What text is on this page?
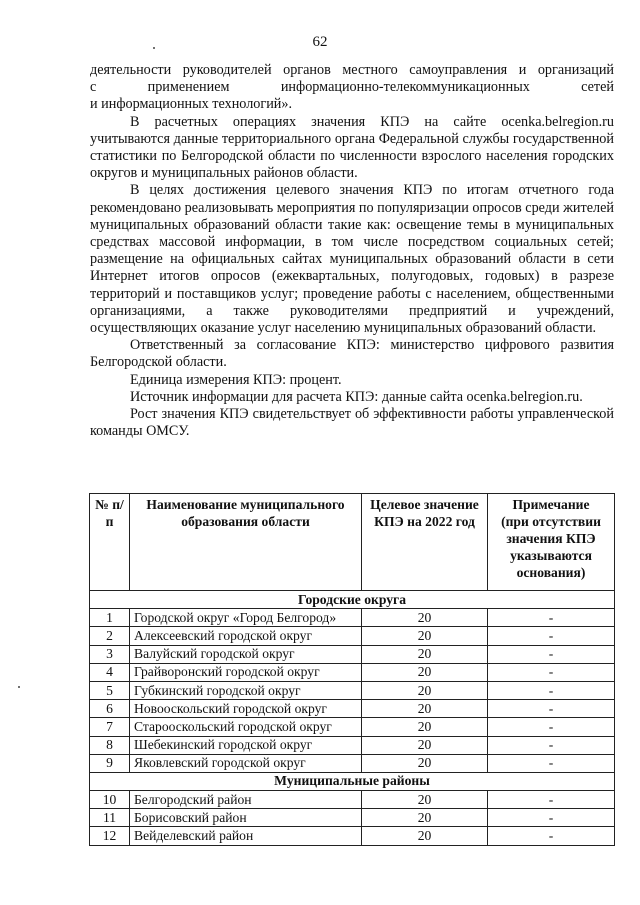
62

деятельности руководителей органов местного самоуправления и организаций

с применением информационно-телекоммуникационных сетей

и информационных технологий».

В расчетных операциях значения КПЭ на сайте ocenka.belregion.ru учитываются данные территориального органа Федеральной службы государственной статистики по Белгородской области по численности взрослого населения городских округов и муниципальных районов области.

В целях достижения целевого значения КПЭ по итогам отчетного года рекомендовано реализовывать мероприятия по популяризации опросов среди жителей муниципальных образований области такие как: освещение темы в муниципальных средствах массовой информации, в том числе посредством социальных сетей; размещение на официальных сайтах муниципальных образований области в сети Интернет итогов опросов (ежеквартальных, полугодовых, годовых) в разрезе территорий и поставщиков услуг; проведение работы с населением, общественными организациями, а также руководителями предприятий и учреждений, осуществляющих оказание услуг населению муниципальных образований области.

Ответственный за согласование КПЭ: министерство цифрового развития Белгородской области.

Единица измерения КПЭ: процент.

Источник информации для расчета КПЭ: данные сайта ocenka.belregion.ru.

Рост значения КПЭ свидетельствует об эффективности работы управленческой команды ОМСУ.

№ п/п	Наименование муниципального образования области	Целевое значение КПЭ на 2022 год	Примечание
(при отсутствии значения КПЭ указываются основания)

Городские округа			
1	Городской округ «Город Белгород»	20	-
2	Алексеевский городской округ	20	-
3	Валуйский городской округ	20	-
4	Грайворонский городской округ	20	-
5	Губкинский городской округ	20	-
6	Новооскольский городской округ	20	-
7	Старооскольский городской округ	20	-
8	Шебекинский городской округ	20	-
9	Яковлевский городской округ	20	-
Муниципальные районы			
10	Белгородский район	20	-
11	Борисовский район	20	-
12	Вейделевский район	20	-
